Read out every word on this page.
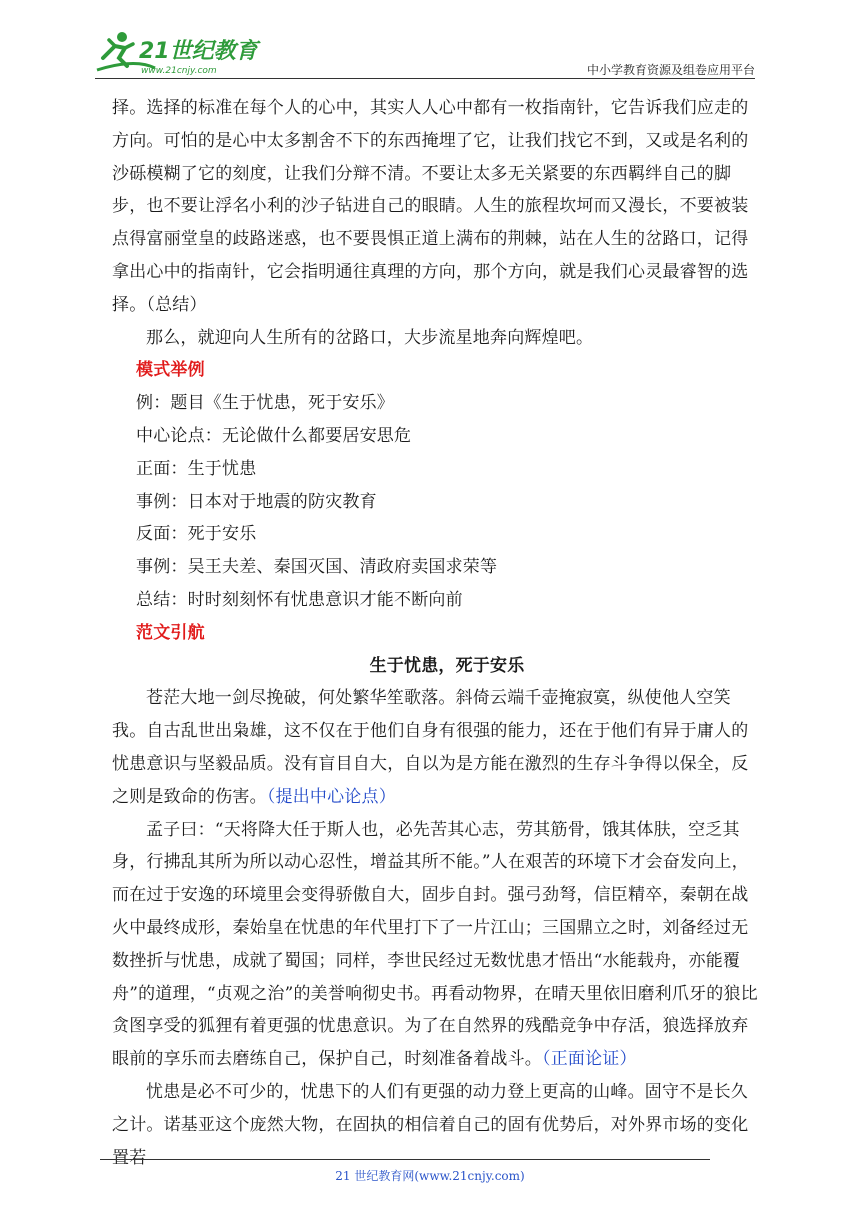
21世纪教育
www.21cnjy.com	中小学教育资源及组卷应用平台

择。选择的标准在每个人的心中，其实人人心中都有一枚指南针，它告诉我们应走的方向。可怕的是心中太多割舍不下的东西掩埋了它，让我们找它不到，又或是名利的沙砾模糊了它的刻度，让我们分辩不清。不要让太多无关紧要的东西羁绊自己的脚步，也不要让浮名小利的沙子钻进自己的眼睛。人生的旅程坎坷而又漫长，不要被装点得富丽堂皇的歧路迷惑，也不要畏惧正道上满布的荆棘，站在人生的岔路口，记得拿出心中的指南针，它会指明通往真理的方向，那个方向，就是我们心灵最睿智的选择。（总结）

那么，就迎向人生所有的岔路口，大步流星地奔向辉煌吧。

模式举例

例：题目《生于忧患，死于安乐》

中心论点：无论做什么都要居安思危

正面：生于忧患

事例：日本对于地震的防灾教育

反面：死于安乐

事例：吴王夫差、秦国灭国、清政府卖国求荣等

总结：时时刻刻怀有忧患意识才能不断向前

范文引航

生于忧患，死于安乐

苍茫大地一剑尽挽破，何处繁华笙歌落。斜倚云端千壶掩寂寞，纵使他人空笑我。自古乱世出枭雄，这不仅在于他们自身有很强的能力，还在于他们有异于庸人的忧患意识与坚毅品质。没有盲目自大，自以为是方能在激烈的生存斗争得以保全，反之则是致命的伤害。（提出中心论点）

孟子曰：“天将降大任于斯人也，必先苦其心志，劳其筋骨，饿其体肤，空乏其身，行拂乱其所为所以动心忍性，增益其所不能。”人在艰苦的环境下才会奋发向上，而在过于安逸的环境里会变得骄傲自大，固步自封。强弓劲弩，信臣精卒，秦朝在战火中最终成形，秦始皇在忧患的年代里打下了一片江山；三国鼎立之时，刘备经过无数挫折与忧患，成就了蜀国；同样，李世民经过无数忧患才悟出“水能载舟，亦能覆舟”的道理，“贞观之治”的美誉响彻史书。再看动物界，在晴天里依旧磨利爪牙的狼比贪图享受的狐狸有着更强的忧患意识。为了在自然界的残酷竞争中存活，狼选择放弃眼前的享乐而去磨练自己，保护自己，时刻准备着战斗。（正面论证）

忧患是必不可少的，忧患下的人们有更强的动力登上更高的山峰。固守不是长久之计。诺基亚这个庞然大物，在固执的相信着自己的固有优势后，对外界市场的变化置若

21 世纪教育网(www.21cnjy.com)
